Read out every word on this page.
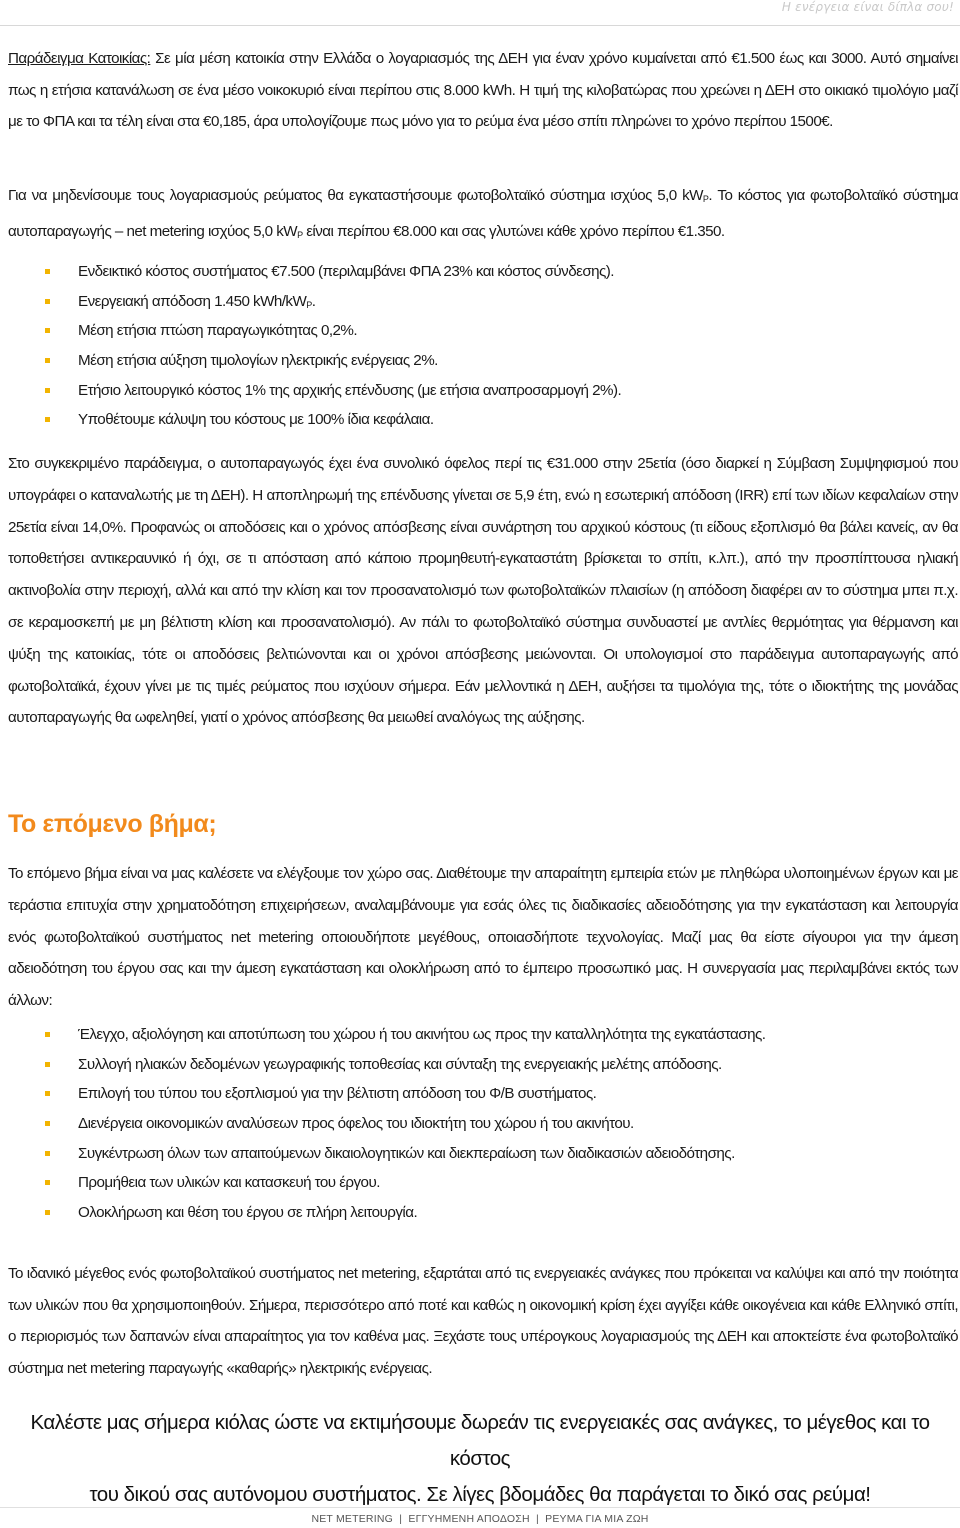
Η ενέργεια είναι δίπλα σου!

Παράδειγμα Κατοικίας: Σε μία μέση κατοικία στην Ελλάδα ο λογαριασμός της ΔΕΗ για έναν χρόνο κυμαίνεται από €1.500 έως και 3000. Αυτό σημαίνει πως η ετήσια κατανάλωση σε ένα μέσο νοικοκυριό είναι περίπου στις 8.000 kWh. Η τιμή της κιλοβατώρας που χρεώνει η ΔΕΗ στο οικιακό τιμολόγιο μαζί με το ΦΠΑ και τα τέλη είναι στα €0,185, άρα υπολογίζουμε πως μόνο για το ρεύμα ένα μέσο σπίτι πληρώνει το χρόνο περίπου 1500€.

Για να μηδενίσουμε τους λογαριασμούς ρεύματος θα εγκαταστήσουμε φωτοβολταϊκό σύστημα ισχύος 5,0 $kW_P$. Το κόστος για φωτοβολταϊκό σύστημα αυτοπαραγωγής – net metering ισχύος 5,0 $kW_P$ είναι περίπου €8.000 και σας γλυτώνει κάθε χρόνο περίπου €1.350.

Ενδεικτικό κόστος συστήματος €7.500 (περιλαμβάνει ΦΠΑ 23% και κόστος σύνδεσης).
Ενεργειακή απόδοση 1.450 kWh/$kW_P$.
Μέση ετήσια πτώση παραγωγικότητας 0,2%.
Μέση ετήσια αύξηση τιμολογίων ηλεκτρικής ενέργειας 2%.
Ετήσιο λειτουργικό κόστος 1% της αρχικής επένδυσης (με ετήσια αναπροσαρμογή 2%).
Υποθέτουμε κάλυψη του κόστους με 100% ίδια κεφάλαια.

Στο συγκεκριμένο παράδειγμα, ο αυτοπαραγωγός έχει ένα συνολικό όφελος περί τις €31.000 στην 25ετία (όσο διαρκεί η Σύμβαση Συμψηφισμού που υπογράφει ο καταναλωτής με τη ΔΕΗ). Η αποπληρωμή της επένδυσης γίνεται σε 5,9 έτη, ενώ η εσωτερική απόδοση (IRR) επί των ιδίων κεφαλαίων στην 25ετία είναι 14,0%. Προφανώς οι αποδόσεις και ο χρόνος απόσβεσης είναι συνάρτηση του αρχικού κόστους (τι είδους εξοπλισμό θα βάλει κανείς, αν θα τοποθετήσει αντικεραυνικό ή όχι, σε τι απόσταση από κάποιο προμηθευτή-εγκαταστάτη βρίσκεται το σπίτι, κ.λπ.), από την προσπίπτουσα ηλιακή ακτινοβολία στην περιοχή, αλλά και από την κλίση και τον προσανατολισμό των φωτοβολταϊκών πλαισίων (η απόδοση διαφέρει αν το σύστημα μπει π.χ. σε κεραμοσκεπή με μη βέλτιστη κλίση και προσανατολισμό). Αν πάλι το φωτοβολταϊκό σύστημα συνδυαστεί με αντλίες θερμότητας για θέρμανση και ψύξη της κατοικίας, τότε οι αποδόσεις βελτιώνονται και οι χρόνοι απόσβεσης μειώνονται. Οι υπολογισμοί στο παράδειγμα αυτοπαραγωγής από φωτοβολταϊκά, έχουν γίνει με τις τιμές ρεύματος που ισχύουν σήμερα. Εάν μελλοντικά η ΔΕΗ, αυξήσει τα τιμολόγια της, τότε ο ιδιοκτήτης της μονάδας αυτοπαραγωγής θα ωφεληθεί, γιατί ο χρόνος απόσβεσης θα μειωθεί αναλόγως της αύξησης.

Το επόμενο βήμα;

Το επόμενο βήμα είναι να μας καλέσετε να ελέγξουμε τον χώρο σας. Διαθέτουμε την απαραίτητη εμπειρία ετών με πληθώρα υλοποιημένων έργων και με τεράστια επιτυχία στην χρηματοδότηση επιχειρήσεων, αναλαμβάνουμε για εσάς όλες τις διαδικασίες αδειοδότησης για την εγκατάσταση και λειτουργία ενός φωτοβολταϊκού συστήματος net metering οποιουδήποτε μεγέθους, οποιασδήποτε τεχνολογίας. Μαζί μας θα είστε σίγουροι για την άμεση αδειοδότηση του έργου σας και την άμεση εγκατάσταση και ολοκλήρωση από το έμπειρο προσωπικό μας. Η συνεργασία μας περιλαμβάνει εκτός των άλλων:

Έλεγχο, αξιολόγηση και αποτύπωση του χώρου ή του ακινήτου ως προς την καταλληλότητα της εγκατάστασης.
Συλλογή ηλιακών δεδομένων γεωγραφικής τοποθεσίας και σύνταξη της ενεργειακής μελέτης απόδοσης.
Επιλογή του τύπου του εξοπλισμού για την βέλτιστη απόδοση του Φ/Β συστήματος.
Διενέργεια οικονομικών αναλύσεων προς όφελος του ιδιοκτήτη του χώρου ή του ακινήτου.
Συγκέντρωση όλων των απαιτούμενων δικαιολογητικών και διεκπεραίωση των διαδικασιών αδειοδότησης.
Προμήθεια των υλικών και κατασκευή του έργου.
Ολοκλήρωση και θέση του έργου σε πλήρη λειτουργία.

Το ιδανικό μέγεθος ενός φωτοβολταϊκού συστήματος net metering, εξαρτάται από τις ενεργειακές ανάγκες που πρόκειται να καλύψει και από την ποιότητα των υλικών που θα χρησιμοποιηθούν. Σήμερα, περισσότερο από ποτέ και καθώς η οικονομική κρίση έχει αγγίξει κάθε οικογένεια και κάθε Ελληνικό σπίτι, ο περιορισμός των δαπανών είναι απαραίτητος για τον καθένα μας. Ξεχάστε τους υπέρογκους λογαριασμούς της ΔΕΗ και αποκτείστε ένα φωτοβολταϊκό σύστημα net metering παραγωγής «καθαρής» ηλεκτρικής ενέργειας.

Καλέστε μας σήμερα κιόλας ώστε να εκτιμήσουμε δωρεάν τις ενεργειακές σας ανάγκες, το μέγεθος και το κόστος
του δικού σας αυτόνομου συστήματος. Σε λίγες βδομάδες θα παράγεται το δικό σας ρεύμα!
NET METERING  |  ΕΓΓΥΗΜΕΝΗ ΑΠΟΔΟΣΗ  |  ΡΕΥΜΑ ΓΙΑ ΜΙΑ ΖΩΗ
